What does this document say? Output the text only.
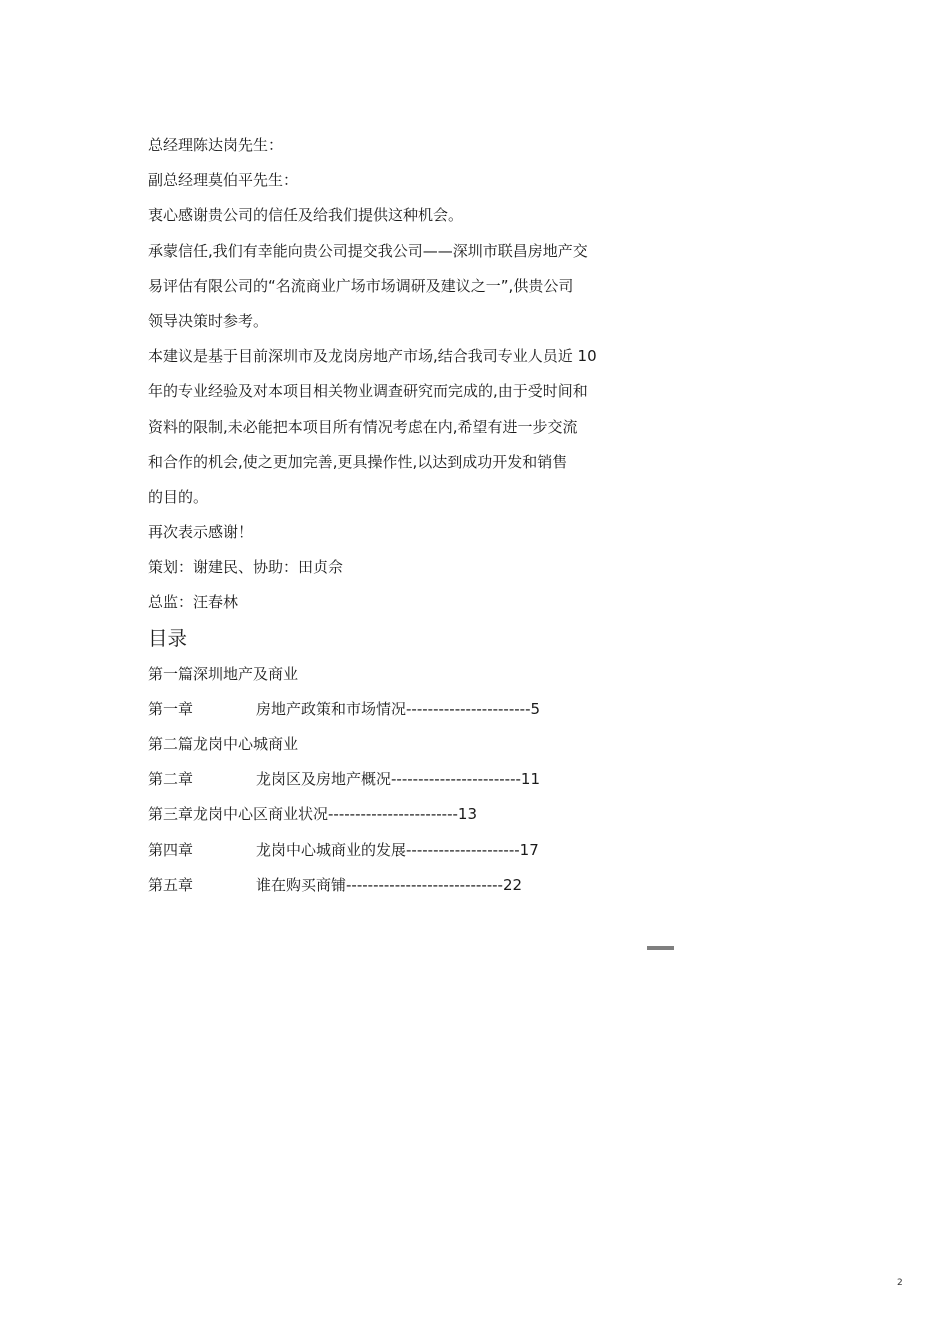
总经理陈达岗先生：
副总经理莫伯平先生：
衷心感谢贵公司的信任及给我们提供这种机会。
承蒙信任,我们有幸能向贵公司提交我公司——深圳市联昌房地产交
易评估有限公司的“名流商业广场市场调研及建议之一”,供贵公司
领导决策时参考。
本建议是基于目前深圳市及龙岗房地产市场,结合我司专业人员近 10
年的专业经验及对本项目相关物业调查研究而完成的,由于受时间和
资料的限制,未必能把本项目所有情况考虑在内,希望有进一步交流
和合作的机会,使之更加完善,更具操作性,以达到成功开发和销售
的目的。
再次表示感谢！
策划：谢建民、协助：田贞佘
总监：汪春林
目录
第一篇深圳地产及商业
第一章	房地产政策和市场情况-----------------------5
第二篇龙岗中心城商业
第二章	龙岗区及房地产概况------------------------11
第三章龙岗中心区商业状况------------------------13
第四章	龙岗中心城商业的发展---------------------17
第五章	谁在购买商铺-----------------------------22
2
